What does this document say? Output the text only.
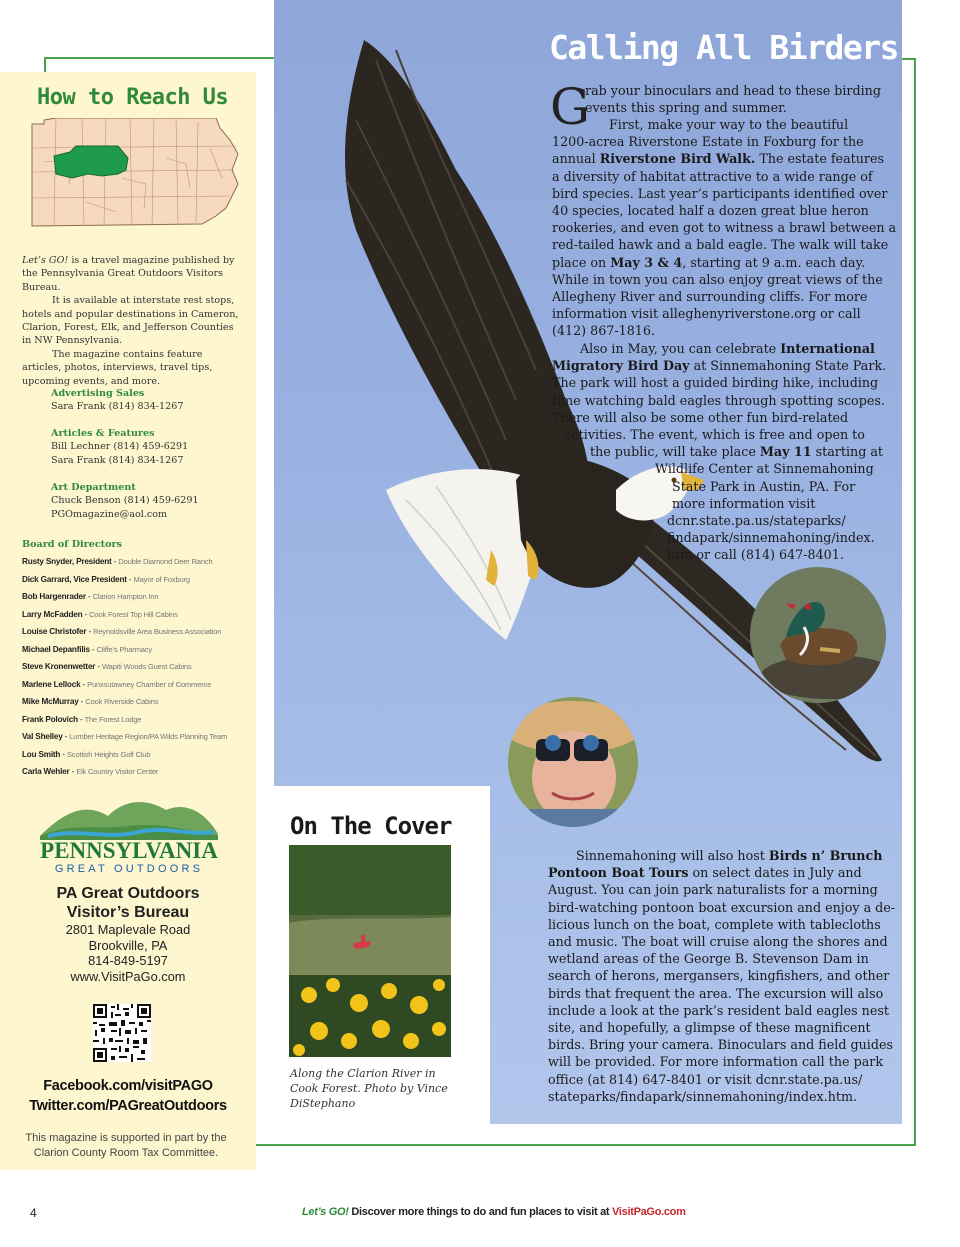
How to Reach Us

Let’s GO! is a travel magazine published by the Pennsylvania Great Outdoors Visitors Bureau.

It is available at interstate rest stops, hotels and popular destinations in Cameron, Clarion, Forest, Elk, and Jefferson Counties in NW Pennsylvania.

The magazine contains feature articles, photos, interviews, travel tips, upcoming events, and more.

Advertising Sales
Sara Frank (814) 834-1267
Articles & Features
Bill Lechner (814) 459-6291
Sara Frank (814) 834-1267
Art Department
Chuck Benson (814) 459-6291
PGOmagazine@aol.com
Board of Directors
Rusty Snyder, President - Double Diamond Deer Ranch
Dick Garrard, Vice President - Mayor of Foxburg
Bob Hargenrader - Clarion Hampton Inn
Larry McFadden - Cook Forest Top Hill Cabins
Louise Christofer - Reynoldsville Area Business Association
Michael Depanfilis - Cliffe’s Pharmacy
Steve Kronenwetter - Wapiti Woods Guest Cabins
Marlene Lellock - Punxsutawney Chamber of Commerce
Mike McMurray - Cook Riverside Cabins
Frank Polovich - The Forest Lodge
Val Shelley - Lumber Heritage Region/PA Wilds Planning Team
Lou Smith - Scottish Heights Golf Club
Carla Wehler - Elk Country Visitor Center
PENNSYLVANIA
GREAT OUTDOORS
PA Great Outdoors
Visitor’s Bureau
2801 Maplevale Road
Brookville, PA
814-849-5197
www.VisitPaGo.com
Facebook.com/visitPAGO
Twitter.com/PAGreatOutdoors
This magazine is supported in part by the
Clarion County Room Tax Committee.
Calling All Birders
G
rab your binoculars and head to these birding
events this spring and summer.
First, make your way to the beautiful
1200-acrea Riverstone Estate in Foxburg for the
annual Riverstone Bird Walk. The estate features
a diversity of habitat attractive to a wide range of
bird species. Last year’s participants identified over
40 species, located half a dozen great blue heron
rookeries, and even got to witness a brawl between a
red-tailed hawk and a bald eagle. The walk will take
place on May 3 & 4, starting at 9 a.m. each day.
While in town you can also enjoy great views of the
Allegheny River and surrounding cliffs. For more
information visit alleghenyriverstone.org or call
(412) 867-1816.
Also in May, you can celebrate International
Migratory Bird Day at Sinnemahoning State Park.
The park will host a guided birding hike, including
time watching bald eagles through spotting scopes.
There will also be some other fun bird-related
activities. The event, which is free and open to
the public, will take place May 11 starting at
Wildlife Center at Sinnemahoning
State Park in Austin, PA. For
more information visit
dcnr.state.pa.us/stateparks/
findapark/sinnemahoning/index.
htm or call (814) 647-8401.
Sinnemahoning will also host Birds n’ Brunch
Pontoon Boat Tours on select dates in July and
August. You can join park naturalists for a morning
bird-watching pontoon boat excursion and enjoy a de-
licious lunch on the boat, complete with tablecloths
and music. The boat will cruise along the shores and
wetland areas of the George B. Stevenson Dam in
search of herons, mergansers, kingfishers, and other
birds that frequent the area. The excursion will also
include a look at the park’s resident bald eagles nest
site, and hopefully, a glimpse of these magnificent
birds. Bring your camera. Binoculars and field guides
will be provided. For more information call the park
office (at 814) 647-8401 or visit dcnr.state.pa.us/
stateparks/findapark/sinnemahoning/index.htm.
On The Cover
Along the Clarion River in Cook Forest. Photo by Vince DiStephano
4	Let’s GO! Discover more things to do and fun places to visit at VisitPaGo.com
